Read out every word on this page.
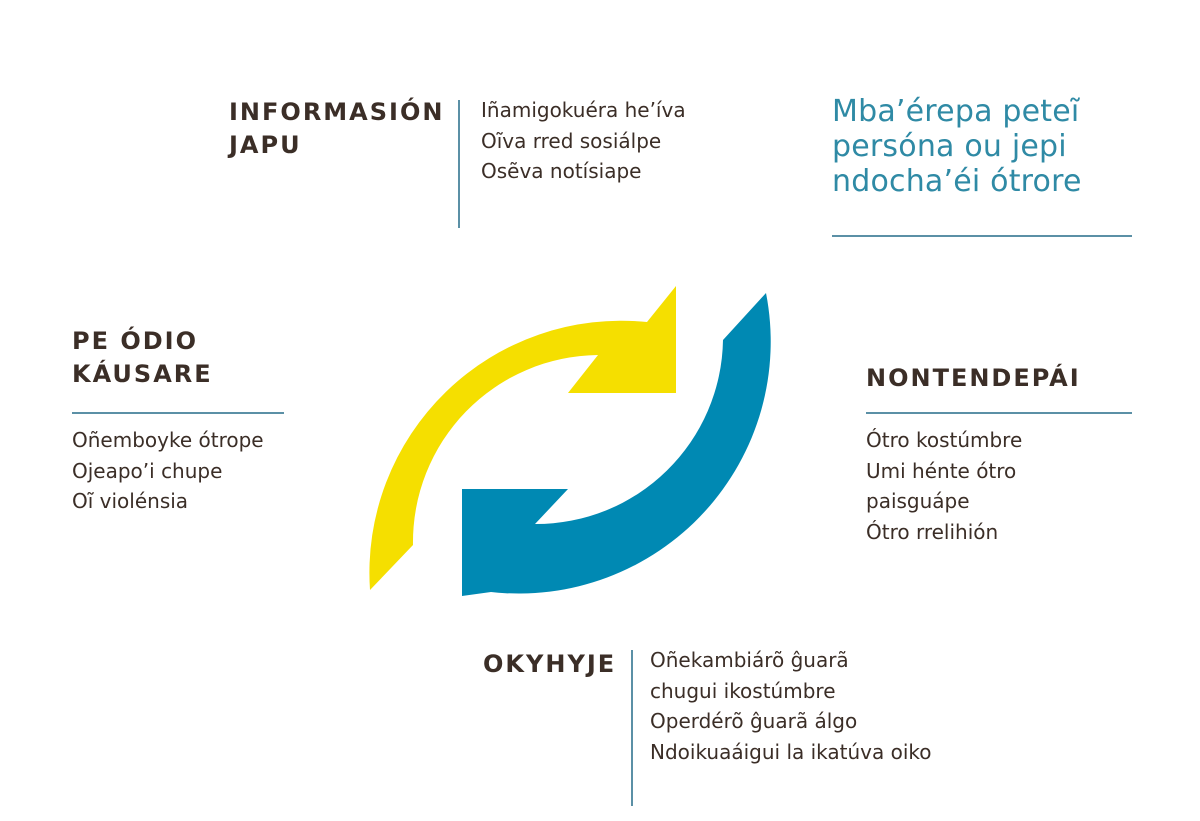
Mba’érepa peteĩ
persóna ou jepi
ndocha’éi ótrore
INFORMASIÓN
JAPU
Iñamigokuéra he’íva
Oĩva rred sosiálpe
Osẽva notísiape
PE ÓDIO
KÁUSARE
Oñemboyke ótrope
Ojeapo’i chupe
Oĩ violénsia
NONTENDEPÁI
Ótro kostúmbre
Umi hénte ótro
paisguápe
Ótro rrelihión
OKYHYJE Oñekambiárõ ĝuarã
chugui ikostúmbre
Operdérõ ĝuarã álgo
Ndoikuaáigui la ikatúva oiko
